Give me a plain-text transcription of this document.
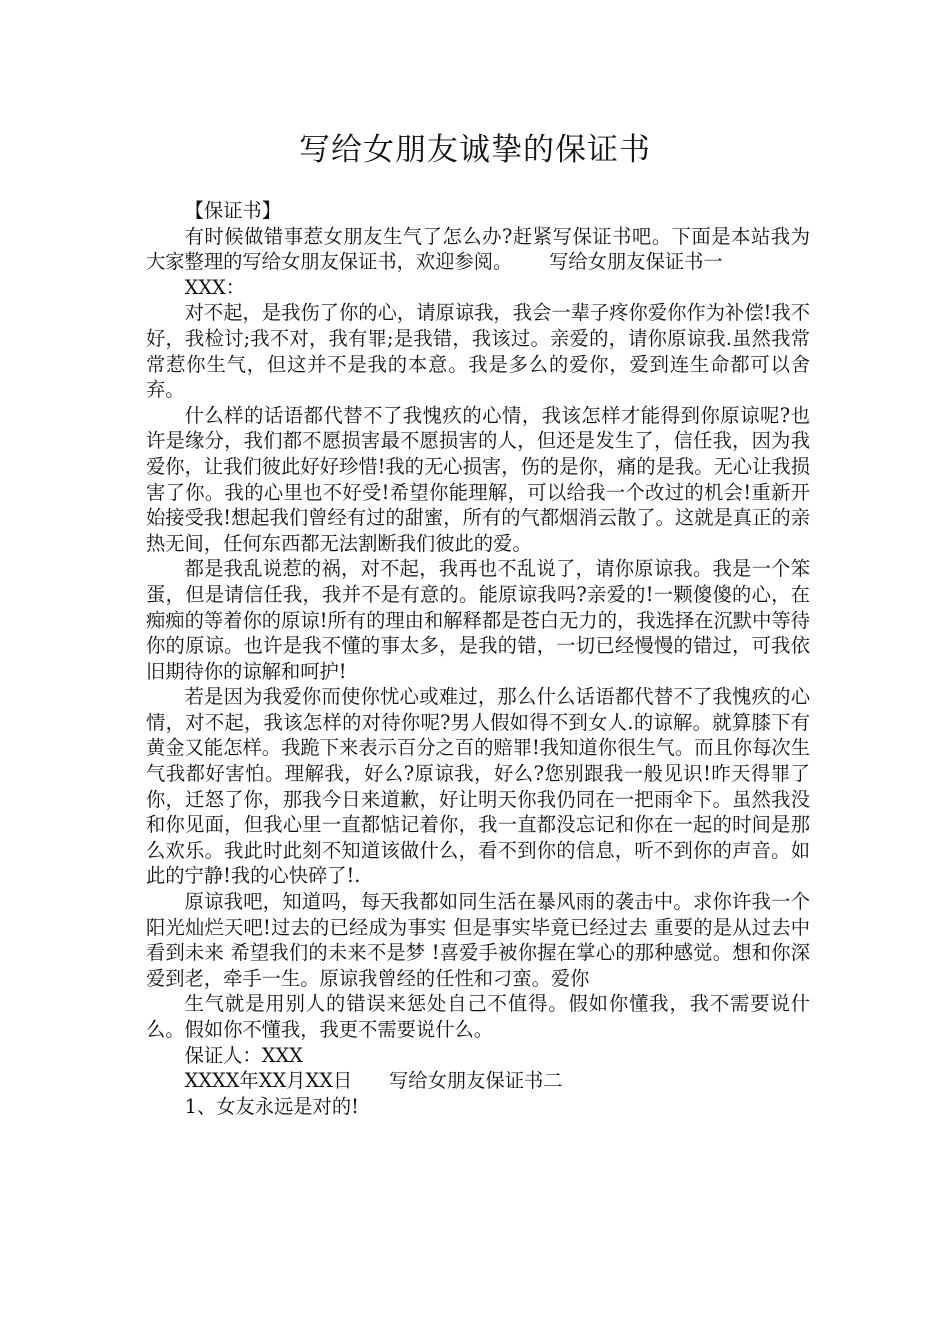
写给女朋友诚挚的保证书

【保证书】

有时候做错事惹女朋友生气了怎么办?赶紧写保证书吧。下面是本站我为大家整理的写给女朋友保证书，欢迎参阅。      写给女朋友保证书一

XXX：

对不起，是我伤了你的心，请原谅我，我会一辈子疼你爱你作为补偿!我不好，我检讨;我不对，我有罪;是我错，我该过。亲爱的，请你原谅我.虽然我常常惹你生气，但这并不是我的本意。我是多么的爱你，爱到连生命都可以舍弃。

什么样的话语都代替不了我愧疚的心情，我该怎样才能得到你原谅呢?也许是缘分，我们都不愿损害最不愿损害的人，但还是发生了，信任我，因为我爱你，让我们彼此好好珍惜!我的无心损害，伤的是你，痛的是我。无心让我损害了你。我的心里也不好受!希望你能理解，可以给我一个改过的机会!重新开始接受我!想起我们曾经有过的甜蜜，所有的气都烟消云散了。这就是真正的亲热无间，任何东西都无法割断我们彼此的爱。

都是我乱说惹的祸，对不起，我再也不乱说了，请你原谅我。我是一个笨蛋，但是请信任我，我并不是有意的。能原谅我吗?亲爱的!一颗傻傻的心，在痴痴的等着你的原谅!所有的理由和解释都是苍白无力的，我选择在沉默中等待你的原谅。也许是我不懂的事太多，是我的错，一切已经慢慢的错过，可我依旧期待你的谅解和呵护!

若是因为我爱你而使你忧心或难过，那么什么话语都代替不了我愧疚的心情，对不起，我该怎样的对待你呢?男人假如得不到女人.的谅解。就算膝下有黄金又能怎样。我跪下来表示百分之百的赔罪!我知道你很生气。而且你每次生气我都好害怕。理解我，好么?原谅我，好么?您别跟我一般见识!昨天得罪了你，迁怒了你，那我今日来道歉，好让明天你我仍同在一把雨伞下。虽然我没和你见面，但我心里一直都惦记着你，我一直都没忘记和你在一起的时间是那么欢乐。我此时此刻不知道该做什么，看不到你的信息，听不到你的声音。如此的宁静!我的心快碎了!.

原谅我吧，知道吗，每天我都如同生活在暴风雨的袭击中。求你许我一个阳光灿烂天吧!过去的已经成为事实 但是事实毕竟已经过去 重要的是从过去中看到未来 希望我们的未来不是梦 !喜爱手被你握在掌心的那种感觉。想和你深爱到老，牵手一生。原谅我曾经的任性和刁蛮。爱你

生气就是用别人的错误来惩处自己不值得。假如你懂我，我不需要说什么。假如你不懂我，我更不需要说什么。

保证人：XXX

XXXX年XX月XX日      写给女朋友保证书二

1、女友永远是对的!
